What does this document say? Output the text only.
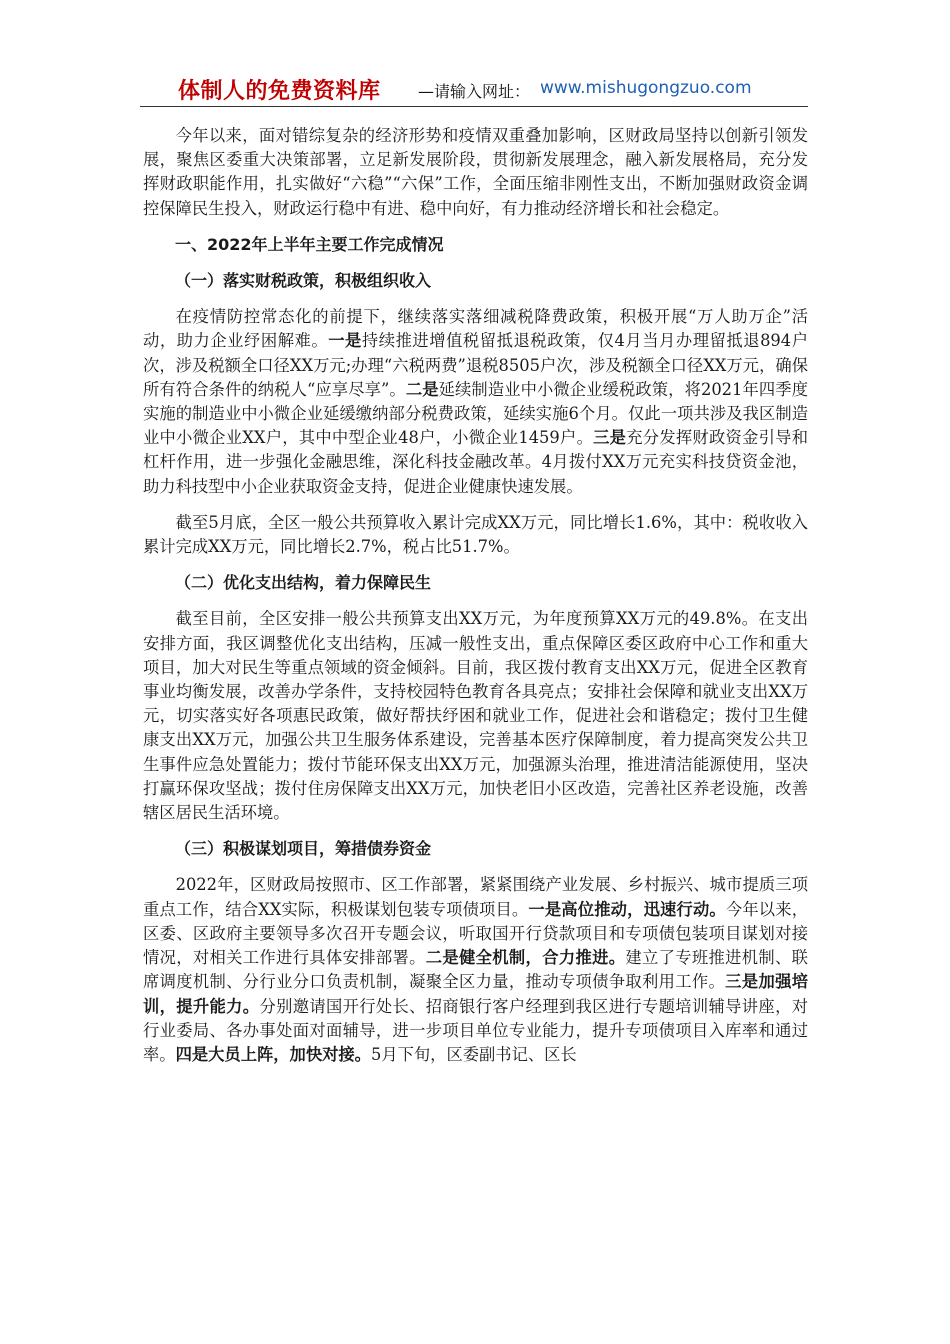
体制人的免费资料库 —请输入网址： www.mishugongzuo.com

今年以来，面对错综复杂的经济形势和疫情双重叠加影响，区财政局坚持以创新引领发展，聚焦区委重大决策部署，立足新发展阶段，贯彻新发展理念，融入新发展格局，充分发挥财政职能作用，扎实做好“六稳”“六保”工作，全面压缩非刚性支出，不断加强财政资金调控保障民生投入，财政运行稳中有进、稳中向好，有力推动经济增长和社会稳定。

一、2022年上半年主要工作完成情况

（一）落实财税政策，积极组织收入

在疫情防控常态化的前提下，继续落实落细减税降费政策，积极开展“万人助万企”活动，助力企业纾困解难。一是持续推进增值税留抵退税政策，仅4月当月办理留抵退894户次，涉及税额全口径XX万元;办理“六税两费”退税8505户次，涉及税额全口径XX万元，确保所有符合条件的纳税人“应享尽享”。二是延续制造业中小微企业缓税政策，将2021年四季度实施的制造业中小微企业延缓缴纳部分税费政策，延续实施6个月。仅此一项共涉及我区制造业中小微企业XX户，其中中型企业48户，小微企业1459户。三是充分发挥财政资金引导和杠杆作用，进一步强化金融思维，深化科技金融改革。4月拨付XX万元充实科技贷资金池，助力科技型中小企业获取资金支持，促进企业健康快速发展。

截至5月底，全区一般公共预算收入累计完成XX万元，同比增长1.6%，其中：税收收入累计完成XX万元，同比增长2.7%，税占比51.7%。

（二）优化支出结构，着力保障民生

截至目前，全区安排一般公共预算支出XX万元，为年度预算XX万元的49.8%。在支出安排方面，我区调整优化支出结构，压减一般性支出，重点保障区委区政府中心工作和重大项目，加大对民生等重点领域的资金倾斜。目前，我区拨付教育支出XX万元，促进全区教育事业均衡发展，改善办学条件，支持校园特色教育各具亮点；安排社会保障和就业支出XX万元，切实落实好各项惠民政策，做好帮扶纾困和就业工作，促进社会和谐稳定；拨付卫生健康支出XX万元，加强公共卫生服务体系建设，完善基本医疗保障制度，着力提高突发公共卫生事件应急处置能力；拨付节能环保支出XX万元，加强源头治理，推进清洁能源使用，坚决打赢环保攻坚战；拨付住房保障支出XX万元，加快老旧小区改造，完善社区养老设施，改善辖区居民生活环境。

（三）积极谋划项目，筹措债券资金

2022年，区财政局按照市、区工作部署，紧紧围绕产业发展、乡村振兴、城市提质三项重点工作，结合XX实际，积极谋划包装专项债项目。一是高位推动，迅速行动。今年以来，区委、区政府主要领导多次召开专题会议，听取国开行贷款项目和专项债包装项目谋划对接情况，对相关工作进行具体安排部署。二是健全机制，合力推进。建立了专班推进机制、联席调度机制、分行业分口负责机制，凝聚全区力量，推动专项债争取利用工作。三是加强培训，提升能力。分别邀请国开行处长、招商银行客户经理到我区进行专题培训辅导讲座，对行业委局、各办事处面对面辅导，进一步项目单位专业能力，提升专项债项目入库率和通过率。四是大员上阵，加快对接。5月下旬，区委副书记、区长
